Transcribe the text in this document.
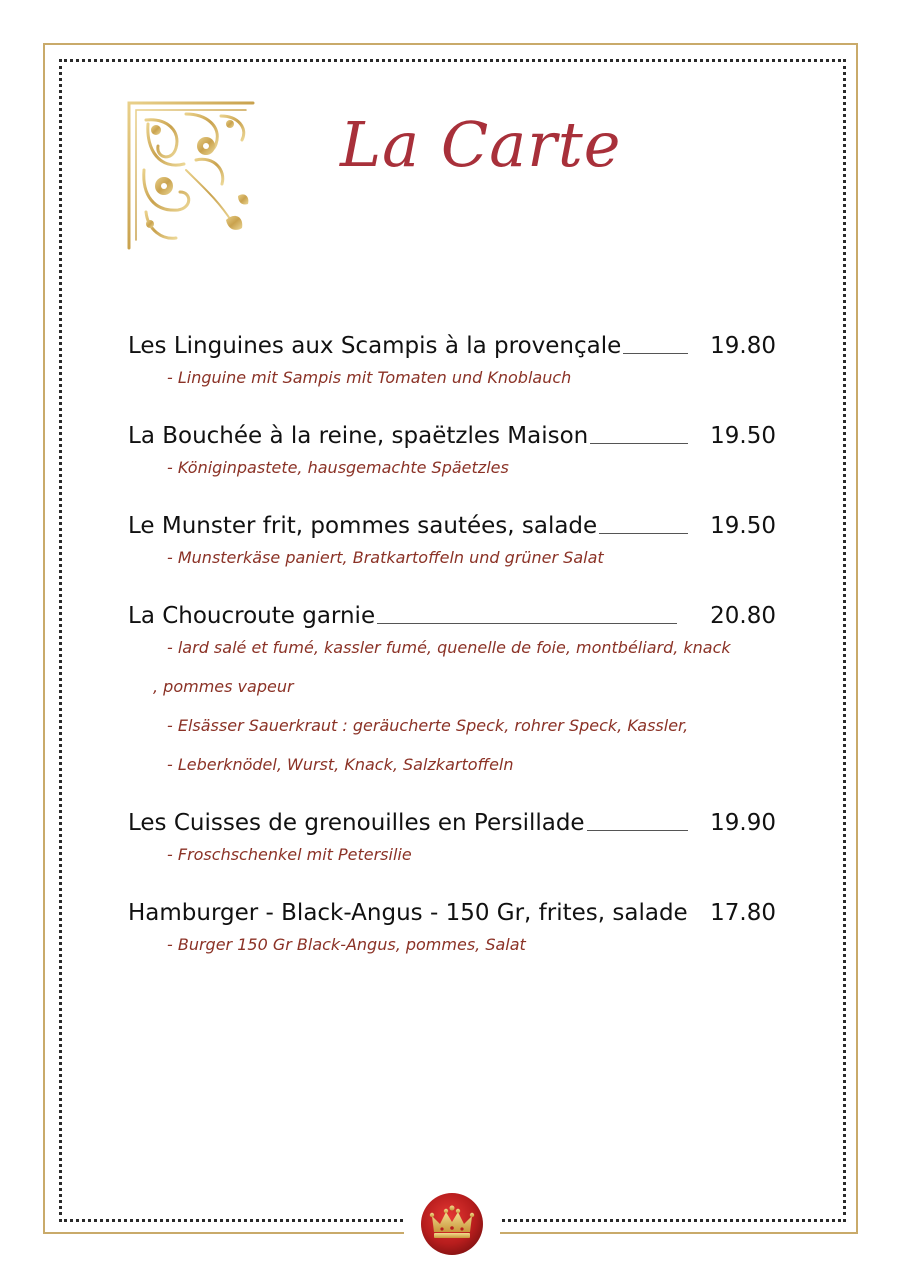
La Carte
Les Linguines aux Scampis à la provençale	19.80
- Linguine mit Sampis mit Tomaten und Knoblauch
La Bouchée à la reine, spaëtzles Maison	19.50
- Königinpastete, hausgemachte Späetzles
Le Munster frit, pommes sautées, salade	19.50
- Munsterkäse paniert, Bratkartoffeln und grüner Salat
La Choucroute garnie	20.80
- lard salé et fumé, kassler fumé, quenelle de foie, montbéliard, knack
, pommes vapeur
- Elsässer Sauerkraut : geräucherte Speck, rohrer Speck, Kassler,
- Leberknödel, Wurst, Knack, Salzkartoffeln
Les Cuisses de grenouilles en Persillade	19.90
- Froschschenkel mit Petersilie
Hamburger - Black-Angus - 150 Gr, frites, salade 17.80
- Burger 150 Gr Black-Angus, pommes, Salat
